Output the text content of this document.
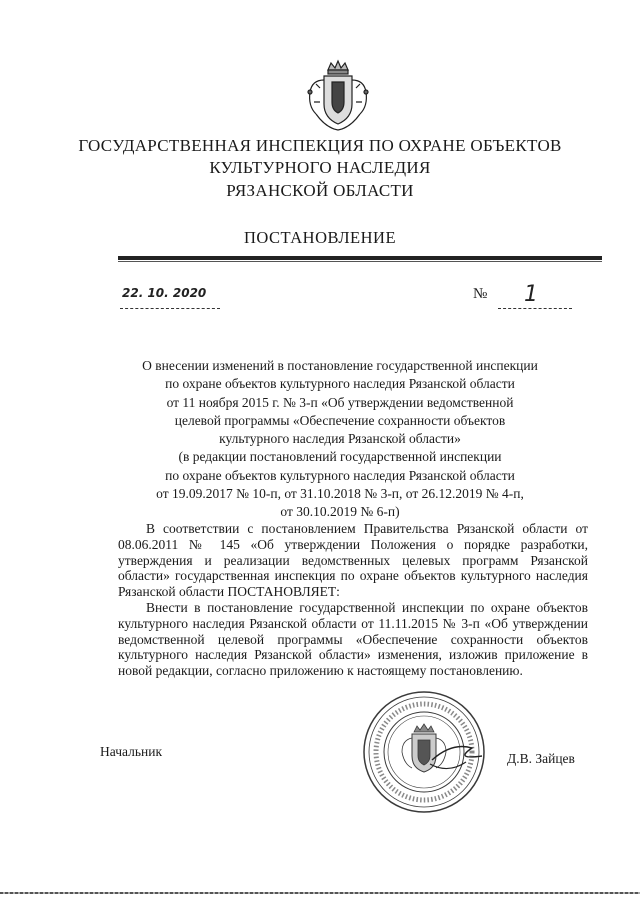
ГОСУДАРСТВЕННАЯ ИНСПЕКЦИЯ ПО ОХРАНЕ ОБЪЕКТОВ
КУЛЬТУРНОГО НАСЛЕДИЯ
РЯЗАНСКОЙ ОБЛАСТИ
ПОСТАНОВЛЕНИЕ
22. 10. 2020	№ 1
О внесении изменений в постановление государственной инспекции
по охране объектов культурного наследия Рязанской области
от 11 ноября 2015 г. № 3-п «Об утверждении ведомственной
целевой программы «Обеспечение сохранности объектов
культурного наследия Рязанской области»
(в редакции постановлений государственной инспекции
по охране объектов культурного наследия Рязанской области
от 19.09.2017 № 10-п, от 31.10.2018 № 3-п, от 26.12.2019 № 4-п,
от 30.10.2019 № 6-п)

В соответствии с постановлением Правительства Рязанской области от 08.06.2011 № 145 «Об утверждении Положения о порядке разработки, утверждения и реализации ведомственных целевых программ Рязанской области» государственная инспекция по охране объектов культурного наследия Рязанской области ПОСТАНОВЛЯЕТ:

Внести в постановление государственной инспекции по охране объектов культурного наследия Рязанской области от 11.11.2015 № 3-п «Об утверждении ведомственной целевой программы «Обеспечение сохранности объектов культурного наследия Рязанской области» изменения, изложив приложение в новой редакции, согласно приложению к настоящему постановлению.

Начальник	Д.В. Зайцев
